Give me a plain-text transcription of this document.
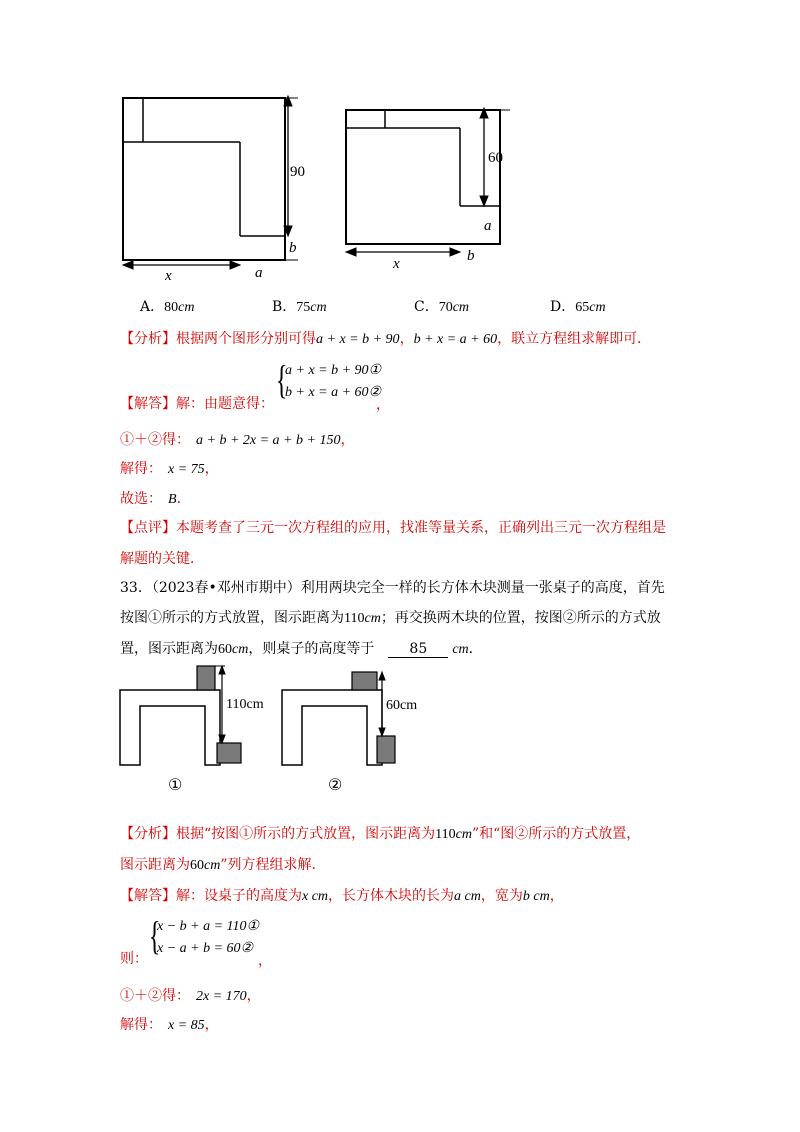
90
b
x	a
60
a
x	b
A．80cm	B．75cm	C．70cm	D．65cm
【分析】根据两个图形分别可得a + x = b + 90，b + x = a + 60，联立方程组求解即可．
【解答】解：由题意得：
{
a + x = b + 90①
b + x = a + 60②
，
①＋②得： a + b + 2x = a + b + 150，
解得： x = 75，
故选： B．
【点评】本题考查了三元一次方程组的应用，找准等量关系，正确列出三元一次方程组是
解题的关键．
33．（2023春•邓州市期中）利用两块完全一样的长方体木块测量一张桌子的高度，首先
按图①所示的方式放置，图示距离为110cm；再交换两木块的位置，按图②所示的方式放
置，图示距离为60cm，则桌子的高度等于	85 cm．
110cm	60cm
①	②
【分析】根据“按图①所示的方式放置，图示距离为110cm”和“图②所示的方式放置，
图示距离为60cm”列方程组求解．
【解答】解：设桌子的高度为x cm，长方体木块的长为a cm，宽为b cm，
则：
{
x − b + a = 110①
x − a + b = 60②
，
①＋②得： 2x = 170，
解得： x = 85，
